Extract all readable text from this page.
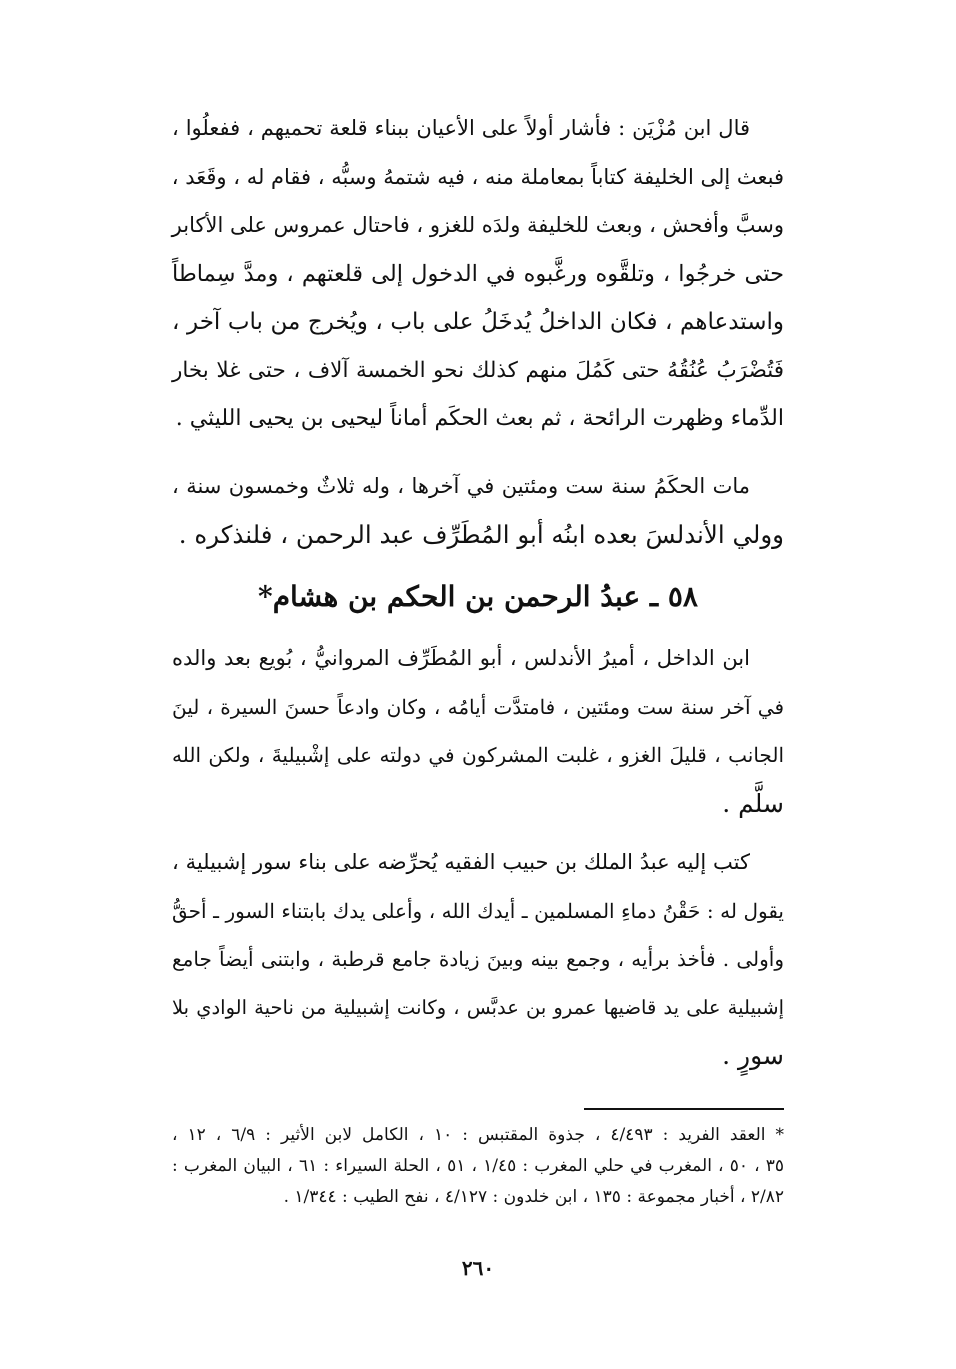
قال ابن مُزْيَن : فأشار أولاً على الأعيان ببناء قلعة تحميهم ، ففعلُوا ،
فبعث إلى الخليفة كتاباً بمعاملة منه ، فيه شتمهُ وسبُّه ، فقام له ، وقَعَد ،
وسبَّ وأفحش ، وبعث للخليفة ولدَه للغزو ، فاحتال عمروس على الأكابر
حتى خرجُوا ، وتلقَّوه ورغَّبوه في الدخول إلى قلعتهم ، ومدَّ سِماطاً
واستدعاهم ، فكان الداخلُ يُدخَلُ على باب ، ويُخرج من باب آخر ،
فَتُضْرَبُ عُنُقُهُ حتى كَمُلَ منهم كذلك نحو الخمسة آلاف ، حتى غلا بخار
الدِّماء وظهرت الرائحة ، ثم بعث الحكَم أماناً ليحيى بن يحيى الليثي .
مات الحكَمُ سنة ست ومئتين في آخرها ، وله ثلاثٌ وخمسون سنة ،
وولي الأندلسَ بعده ابنُه أبو المُطَرِّف عبد الرحمن ، فلنذكره .
٥٨ ـ عبدُ الرحمن بن الحكم بن هشام*
ابن الداخل ، أميرُ الأندلس ، أبو المُطَرِّف المروانيُّ ، بُويع بعد والده
في آخر سنة ست ومئتين ، فامتدَّت أيامُه ، وكان وادعاً حسنَ السيرة ، لينَ
الجانب ، قليلَ الغزو ، غلبت المشركون في دولته على إشْبيليةَ ، ولكن الله
سلَّم .
كتب إليه عبدُ الملك بن حبيب الفقيه يُحرِّضه على بناء سور إشبيلية ،
يقول له : حَقْنُ دماءِ المسلمين ـ أيدك الله ، وأعلى يدك بابتناء السور ـ أحقُّ
وأولى . فأخذ برأيه ، وجمع بينه وبينَ زيادة جامع قرطبة ، وابتنى أيضاً جامع
إشبيلية على يد قاضيها عمرو بن عدبَّس ، وكانت إشبيلية من ناحية الوادي بلا
سورٍ .
* العقد الفريد : ٤/٤٩٣ ، جذوة المقتبس : ١٠ ، الكامل لابن الأثير : ٦/٩ ، ١٢ ،
٣٥ ، ٥٠ ، المغرب في حلي المغرب : ١/٤٥ ، ٥١ ، الحلة السيراء : ٦١ ، البيان المغرب :
٢/٨٢ ، أخبار مجموعة : ١٣٥ ، ابن خلدون : ٤/١٢٧ ، نفح الطيب : ١/٣٤٤ .
٢٦٠
